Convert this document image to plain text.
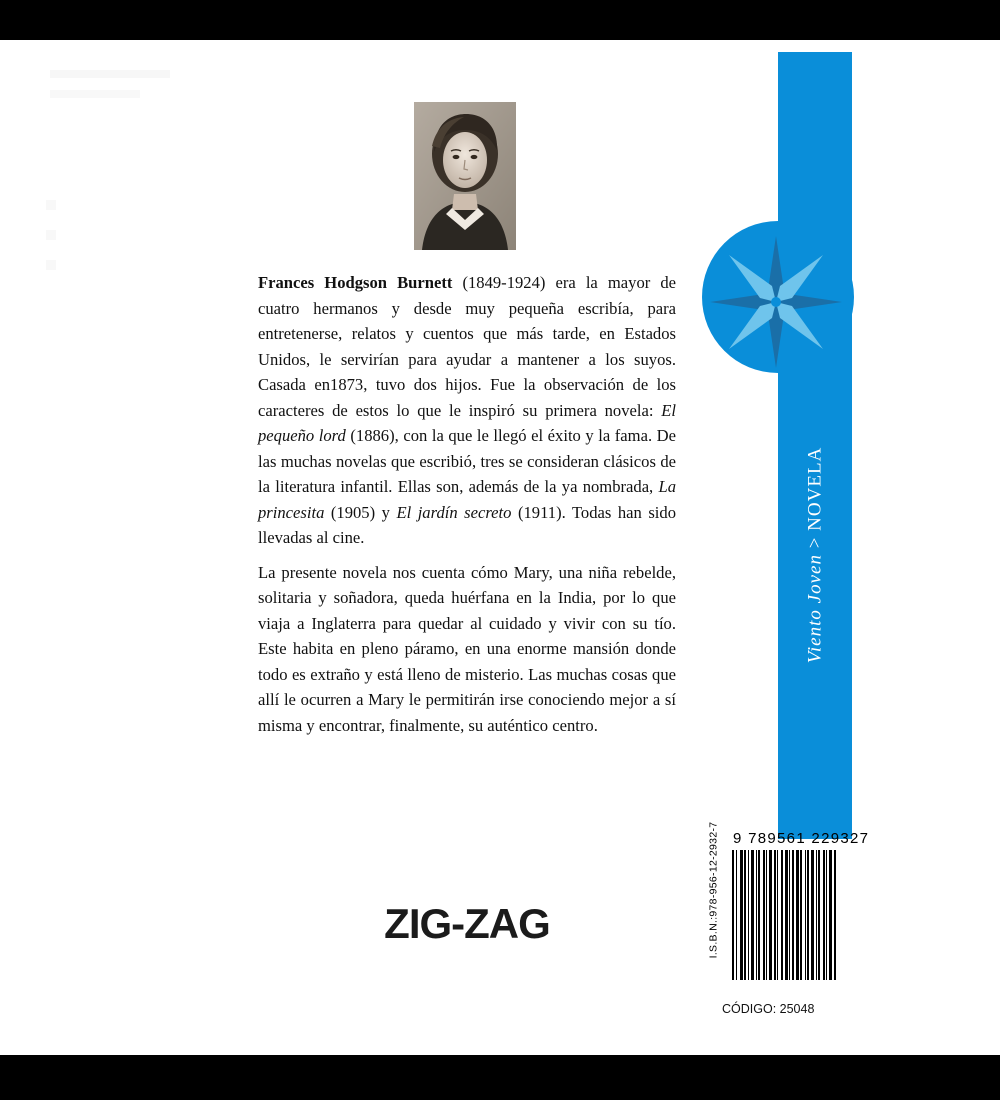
Viento Joven > NOVELA

Frances Hodgson Burnett (1849-1924) era la mayor de cuatro hermanos y desde muy pequeña escribía, para entretenerse, relatos y cuentos que más tarde, en Estados Unidos, le servirían para ayudar a mantener a los suyos. Casada en1873, tuvo dos hijos. Fue la observación de los caracteres de estos lo que le inspiró su primera novela: El pequeño lord (1886), con la que le llegó el éxito y la fama. De las muchas novelas que escribió, tres se consideran clásicos de la literatura infantil. Ellas son, además de la ya nombrada, La princesita (1905) y El jardín secreto (1911). Todas han sido llevadas al cine.

La presente novela nos cuenta cómo Mary, una niña rebelde, solitaria y soñadora, queda huérfana en la India, por lo que viaja a Inglaterra para quedar al cuidado y vivir con su tío. Este habita en pleno páramo, en una enorme mansión donde todo es extraño y está lleno de misterio. Las muchas cosas que allí le ocurren a Mary le permitirán irse conociendo mejor a sí misma y encontrar, finalmente, su auténtico centro.

ZIG-ZAG	I.S.B.N.:978-956-12-2932-7 9 789561 229327
CÓDIGO: 25048
